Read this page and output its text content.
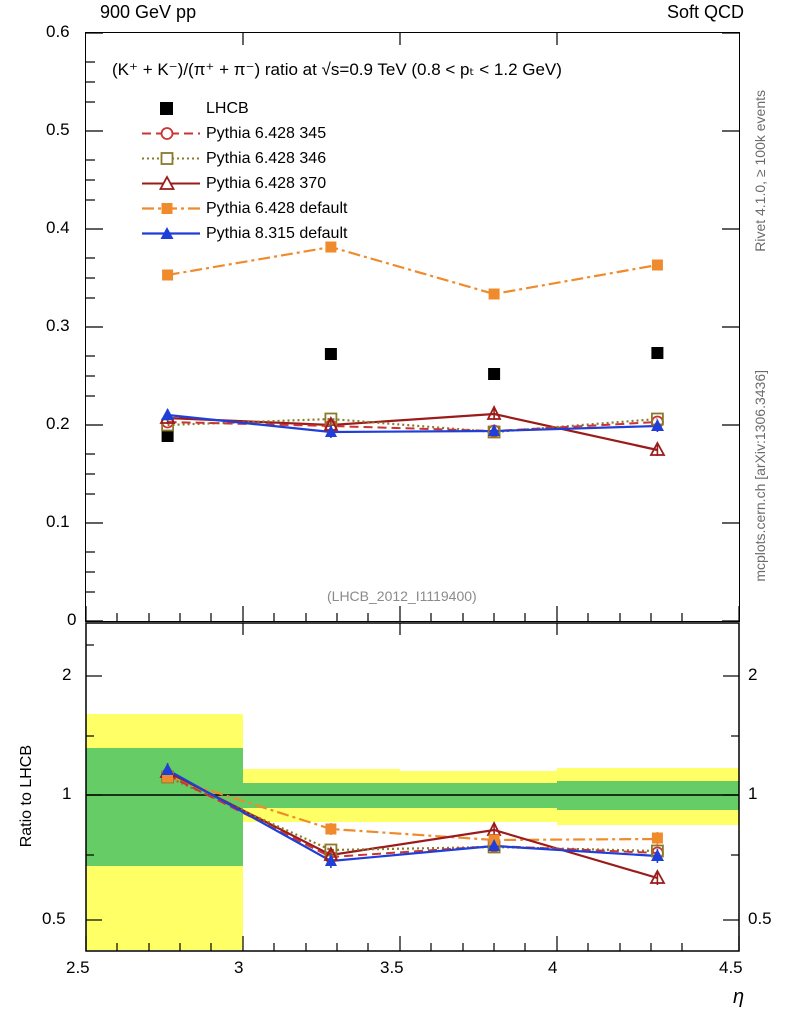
900 GeV pp	Soft QCD
Rivet 4.1.0, ≥ 100k events
mcplots.cern.ch [arXiv:1306.3436]
0.6
0.5
0.4
0.3
0.2
0.1
0
2
1
0.5
2
1
0.5
2.5	3	3.5	4	4.5
η
Ratio to LHCB
(K⁺ + K⁻)/(π⁺ + π⁻) ratio at √s=0.9 TeV (0.8 < pₜ < 1.2 GeV)
(LHCB_2012_I1119400)
LHCB
Pythia 6.428 345
Pythia 6.428 346
Pythia 6.428 370
Pythia 6.428 default
Pythia 8.315 default
